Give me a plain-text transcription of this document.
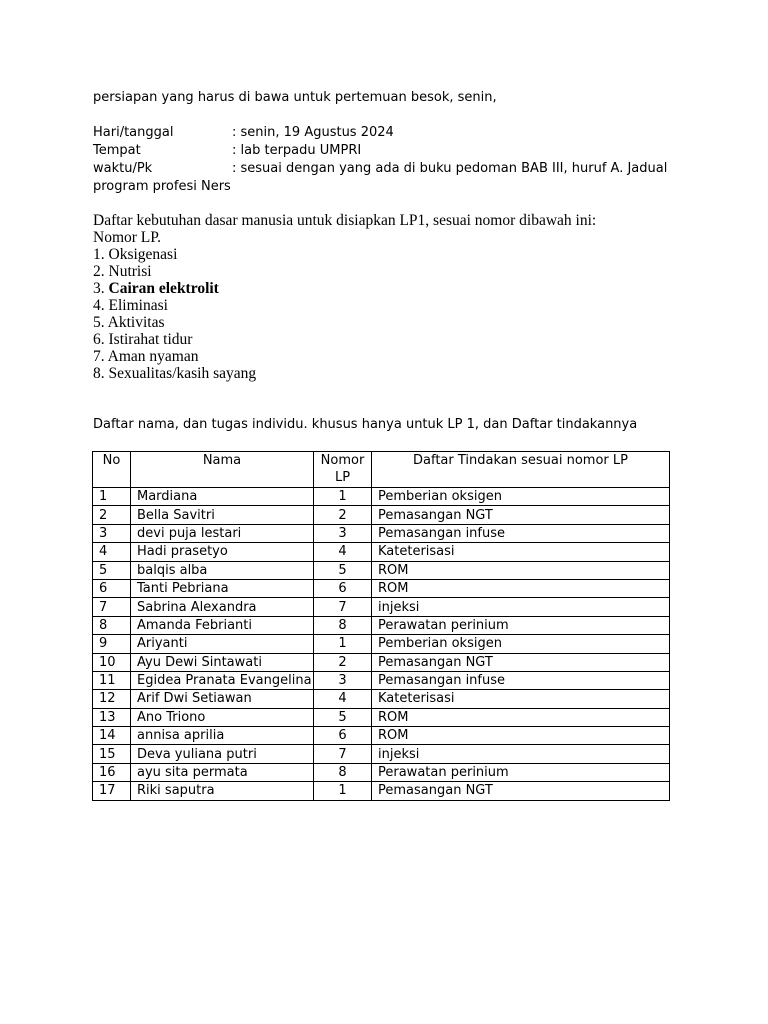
persiapan yang harus di bawa untuk pertemuan besok, senin,
Hari/tanggal	: senin, 19 Agustus 2024
Tempat	: lab terpadu UMPRI
waktu/Pk	: sesuai dengan yang ada di buku pedoman BAB III, huruf A. Jadual
program profesi Ners
Daftar kebutuhan dasar manusia untuk disiapkan LP1, sesuai nomor dibawah ini:
Nomor LP.
1. Oksigenasi
2. Nutrisi
3. Cairan elektrolit
4. Eliminasi
5. Aktivitas
6. Istirahat tidur
7. Aman nyaman
8. Sexualitas/kasih sayang
Daftar nama, dan tugas individu. khusus hanya untuk LP 1, dan Daftar tindakannya
No	Nama	Nomor LP	Daftar Tindakan sesuai nomor LP
1	Mardiana	1	Pemberian oksigen
2	Bella Savitri	2	Pemasangan NGT
3	devi puja lestari	3	Pemasangan infuse
4	Hadi prasetyo	4	Kateterisasi
5	balqis alba	5	ROM
6	Tanti Pebriana	6	ROM
7	Sabrina Alexandra	7	injeksi
8	Amanda Febrianti	8	Perawatan perinium
9	Ariyanti	1	Pemberian oksigen
10	Ayu Dewi Sintawati	2	Pemasangan NGT
11	Egidea Pranata Evangelina	3	Pemasangan infuse
12	Arif Dwi Setiawan	4	Kateterisasi
13	Ano Triono	5	ROM
14	annisa aprilia	6	ROM
15	Deva yuliana putri	7	injeksi
16	ayu sita permata	8	Perawatan perinium
17	Riki saputra	1	Pemasangan NGT
